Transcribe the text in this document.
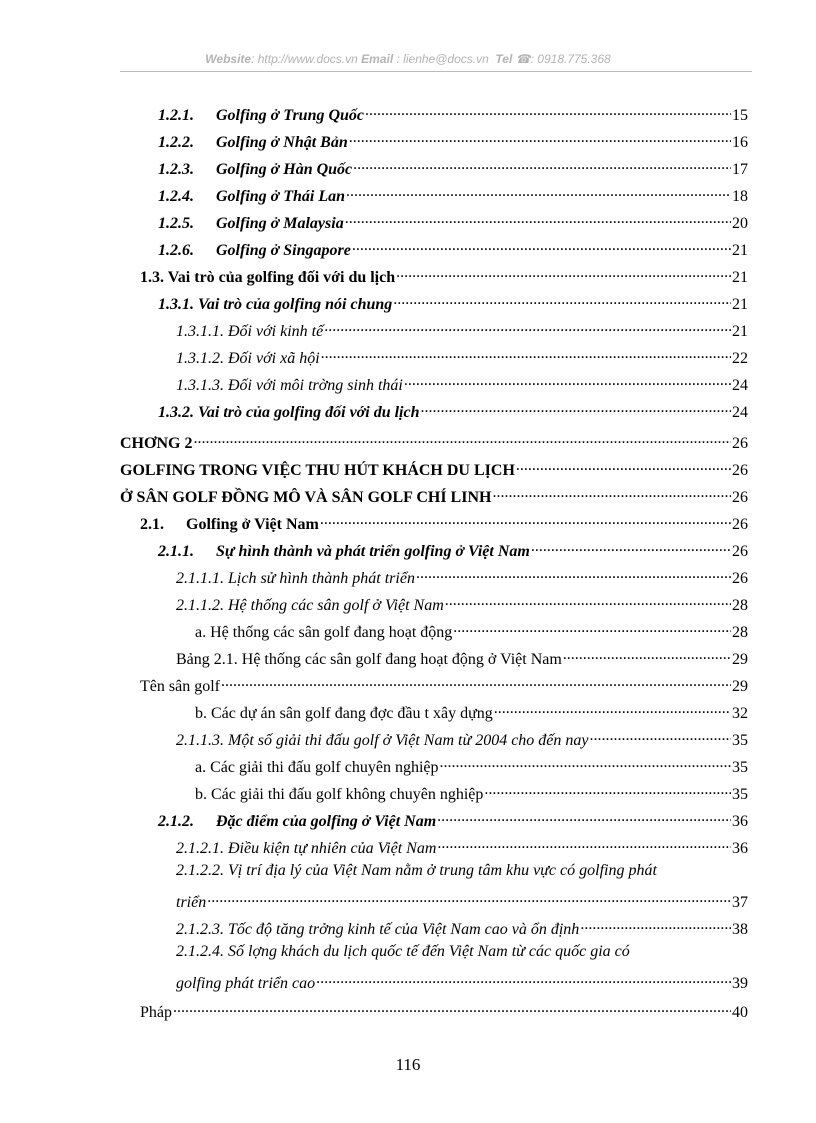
Website: http://www.docs.vn Email : lienhe@docs.vn Tel ☎: 0918.775.368
1.2.1. Golfing ở Trung Quốc .....	15
1.2.2. Golfing ở Nhật Bản .....	16
1.2.3. Golfing ở Hàn Quốc .....	17
1.2.4. Golfing ở Thái Lan .....	18
1.2.5. Golfing ở Malaysia .....	20
1.2.6. Golfing ở Singapore .....	21
1.3. Vai trò của golfing đối với du lịch .....	21
1.3.1. Vai trò của golfing nói chung .....	21
1.3.1.1. Đối với kinh tế .....	21
1.3.1.2. Đối với xã hội .....	22
1.3.1.3. Đối với môi trờng sinh thái .....	24
1.3.2. Vai trò của golfing đối với du lịch .....	24
CHƠNG 2 .....	26
GOLFING TRONG VIỆC THU HÚT KHÁCH DU LỊCH .....	26
Ở SÂN GOLF ĐỒNG MÔ VÀ SÂN GOLF CHÍ LINH .....	26
2.1. Golfing ở Việt Nam .....	26
2.1.1. Sự hình thành và phát triển golfing ở Việt Nam .....	26
2.1.1.1. Lịch sử hình thành phát triển .....	26
2.1.1.2. Hệ thống các sân golf ở Việt Nam .....	28
a. Hệ thống các sân golf đang hoạt động .....	28
Bảng 2.1. Hệ thống các sân golf đang hoạt động ở Việt Nam .....	29
Tên sân golf .....	29
b. Các dự án sân golf đang đợc đầu t xây dựng .....	32
2.1.1.3. Một số giải thi đấu golf ở Việt Nam từ 2004 cho đến nay .....	35
a. Các giải thi đấu golf chuyên nghiệp .....	35
b. Các giải thi đấu golf không chuyên nghiệp .....	35
2.1.2. Đặc điểm của golfing ở Việt Nam .....	36
2.1.2.1. Điều kiện tự nhiên của Việt Nam .....	36
2.1.2.2. Vị trí địa lý của Việt Nam nằm ở trung tâm khu vực có golfing phát
triển .....	37
2.1.2.3. Tốc độ tăng trởng kinh tế của Việt Nam cao và ổn định .....	38
2.1.2.4. Số lợng khách du lịch quốc tế đến Việt Nam từ các quốc gia có
golfing phát triển cao .....	39
Pháp .....	40
116
